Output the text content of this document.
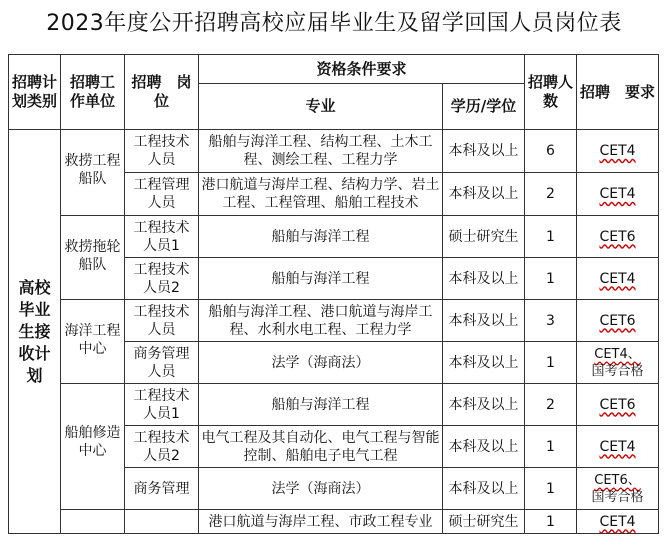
2023年度公开招聘高校应届毕业生及留学回国人员岗位表
招聘计划类别	招聘工作单位	招聘　岗位	资格条件要求		招聘人数	招聘　要求
			专业	学历/学位		
高校毕业生接收计划	救捞工程船队	工程技术人员	船舶与海洋工程、结构工程、土木工程、测绘工程、工程力学	本科及以上	6	CET4
		工程管理人员	港口航道与海岸工程、结构力学、岩土工程、工程管理、船舶工程技术	本科及以上	2	CET4
	救捞拖轮船队	工程技术人员1	船舶与海洋工程	硕士研究生	1	CET6
		工程技术人员2	船舶与海洋工程	本科及以上	1	CET4
	海洋工程中心	工程技术人员	船舶与海洋工程、港口航道与海岸工程、水利水电工程、工程力学	本科及以上	3	CET6
		商务管理人员	法学（海商法）	本科及以上	1	CET4、
国考合格
	船舶修造中心	工程技术人员1	船舶与海洋工程	本科及以上	2	CET6
		工程技术人员2	电气工程及其自动化、电气工程与智能控制、船舶电子电气工程	本科及以上	1	CET4
		商务管理	法学（海商法）	本科及以上	1	CET6、
国考合格
			港口航道与海岸工程、市政工程专业	硕士研究生	1	CET4
